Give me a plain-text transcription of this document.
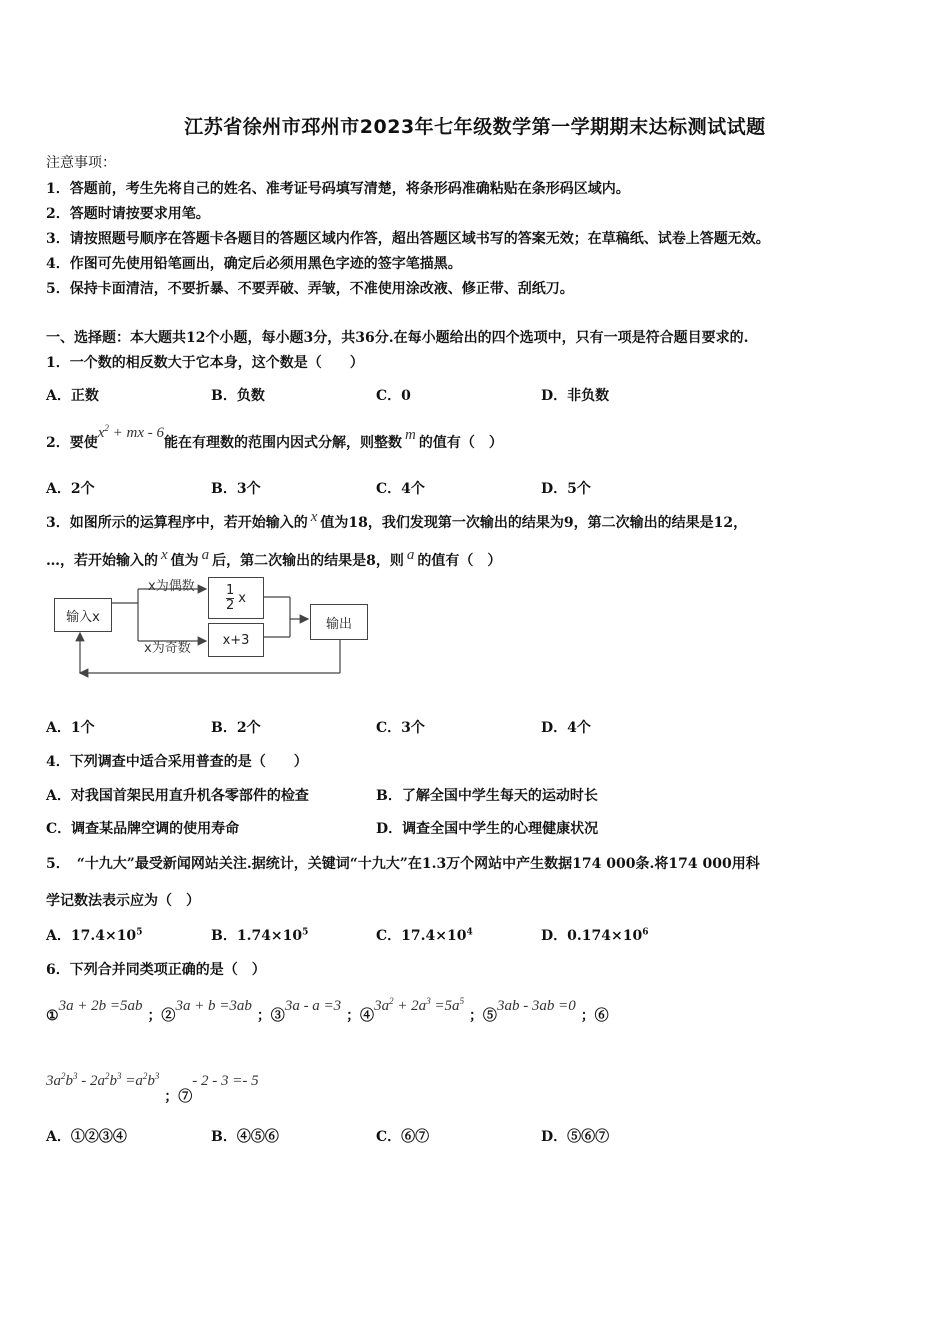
江苏省徐州市邳州市2023年七年级数学第一学期期末达标测试试题
注意事项：
1．答题前，考生先将自己的姓名、准考证号码填写清楚，将条形码准确粘贴在条形码区域内。
2．答题时请按要求用笔。
3．请按照题号顺序在答题卡各题目的答题区域内作答，超出答题区域书写的答案无效；在草稿纸、试卷上答题无效。
4．作图可先使用铅笔画出，确定后必须用黑色字迹的签字笔描黑。
5．保持卡面清洁，不要折暴、不要弄破、弄皱，不准使用涂改液、修正带、刮纸刀。
一、选择题：本大题共12个小题，每小题3分，共36分.在每小题给出的四个选项中，只有一项是符合题目要求的.
1．一个数的相反数大于它本身，这个数是（　　）
A．正数	B．负数	C．0	D．非负数
2．要使$x^2$ + mx - 6能在有理数的范围内因式分解，则整数 m 的值有（　）
A．2个	B．3个	C．4个	D．5个
3．如图所示的运算程序中，若开始输入的 x 值为18，我们发现第一次输出的结果为9，第二次输出的结果是12，
…，若开始输入的 x 值为 a 后，第二次输出的结果是8，则 a 的值有（　）
输入x
x为偶数
x为奇数
$\frac{1}{2}$ x
x+3
输出
A．1个	B．2个	C．3个	D．4个
4．下列调查中适合采用普查的是（　　）
A．对我国首架民用直升机各零部件的检查	B．了解全国中学生每天的运动时长
C．调查某品牌空调的使用寿命	D．调查全国中学生的心理健康状况
5．　“十九大”最受新闻网站关注.据统计，关键词“十九大”在1.3万个网站中产生数据174 000条.将174 000用科
学记数法表示应为（　）
A．$17.4\times 10^5$	B．$1.74\times 10^5$	C．$17.4\times 10^4$	D．$0.174\times 10^6$
6．下列合并同类项正确的是（　）
①3a + 2b =5ab ；②3a + b =3ab ；③3a - a =3 ；$④3a^2 + 2a^3 =5a^5$ ；⑤3ab - 3ab =0 ；⑥
$3a^2b^3 - 2a^2b^3 =a^2b^3$ ；⑦- 2 - 3 =- 5
A．①②③④	B．④⑤⑥	C．⑥⑦	D．⑤⑥⑦
